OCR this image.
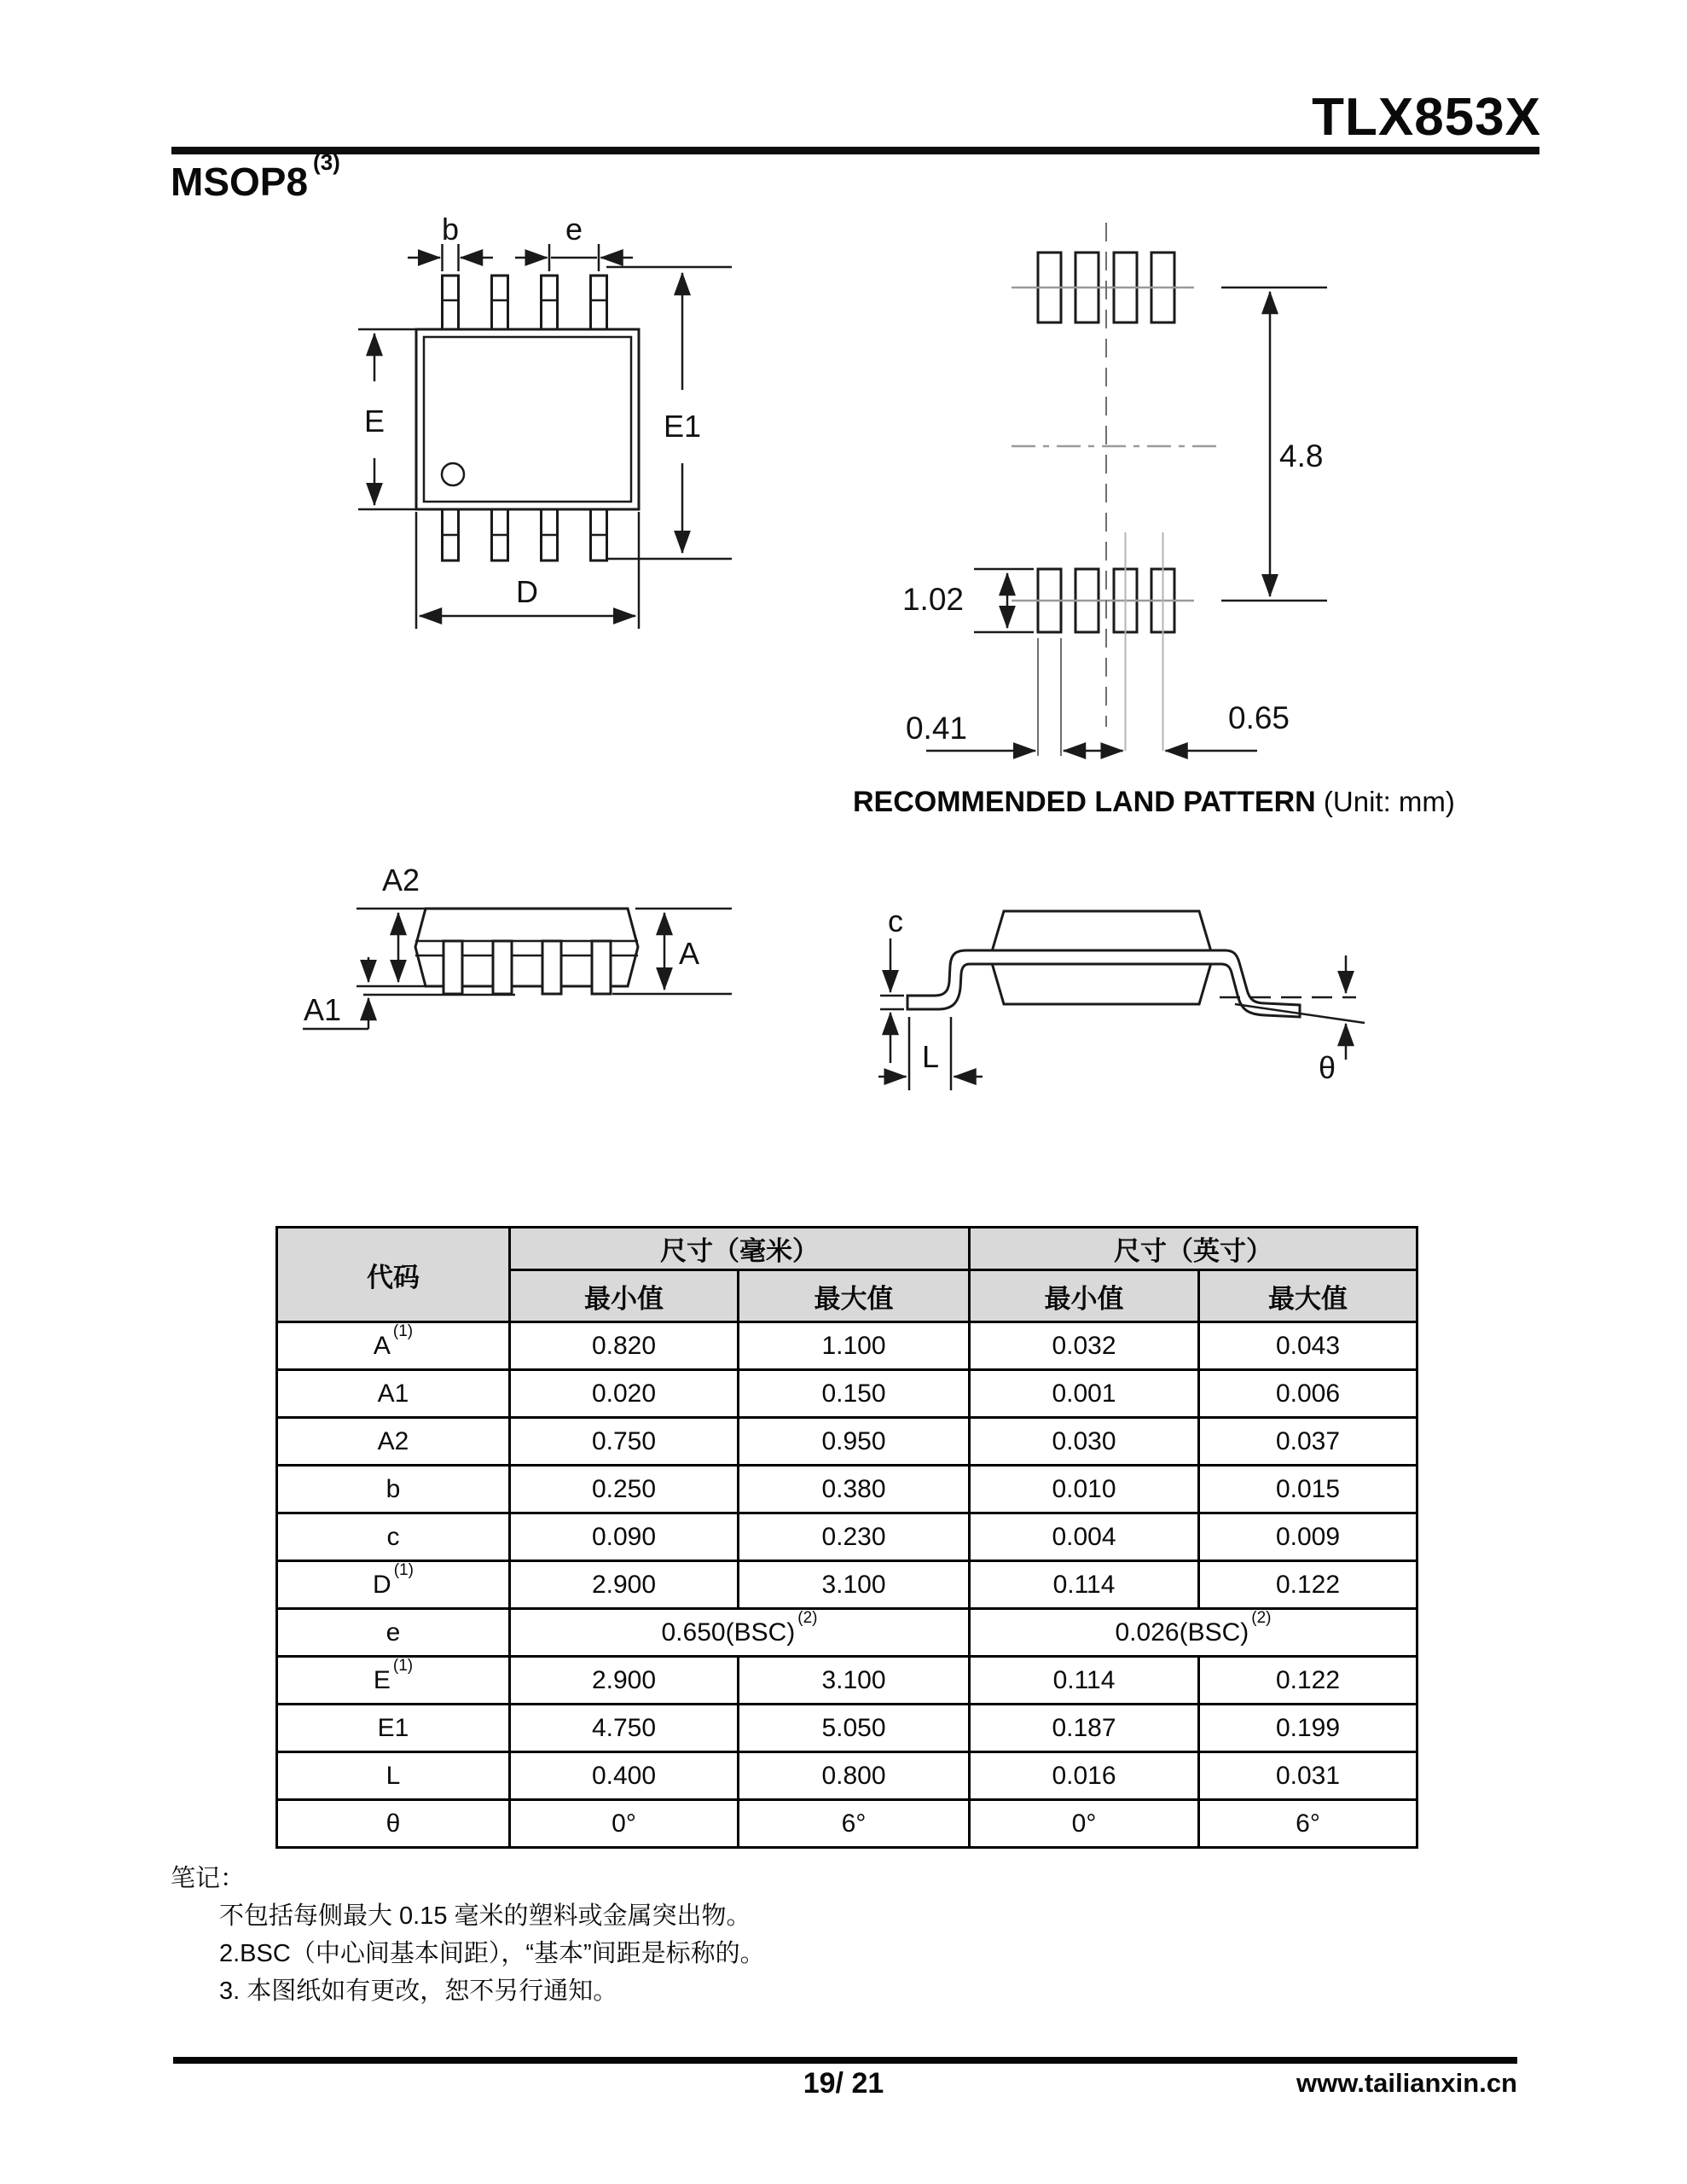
TLX853X
MSOP8 $^{(3)}$
b	e
E	E1
D
4.8
1.02
0.41	0.65
RECOMMENDED LAND PATTERN (Unit: mm)
A2
A
A1
c
L	θ
代码	尺寸（毫米）		尺寸（英寸）	
	最小值	最大值	最小值	最大值
$A^{(1)}$	0.820	1.100	0.032	0.043
A1	0.020	0.150	0.001	0.006
A2	0.750	0.950	0.030	0.037
b	0.250	0.380	0.010	0.015
c	0.090	0.230	0.004	0.009
$D^{(1)}$	2.900	3.100	0.114	0.122
e	0.650(BSC)$^{(2)}$		0.026(BSC)$^{(2)}$
$E^{(1)}$	2.900	3.100	0.114	0.122
E1	4.750	5.050	0.187	0.199
L	0.400	0.800	0.016	0.031
θ	0°	6°	0°	6°
笔记：
不包括每侧最大 0.15 毫米的塑料或金属突出物。
2.BSC（中心间基本间距），“基本”间距是标称的。
3. 本图纸如有更改，恕不另行通知。
19/ 21	www.tailianxin.cn
